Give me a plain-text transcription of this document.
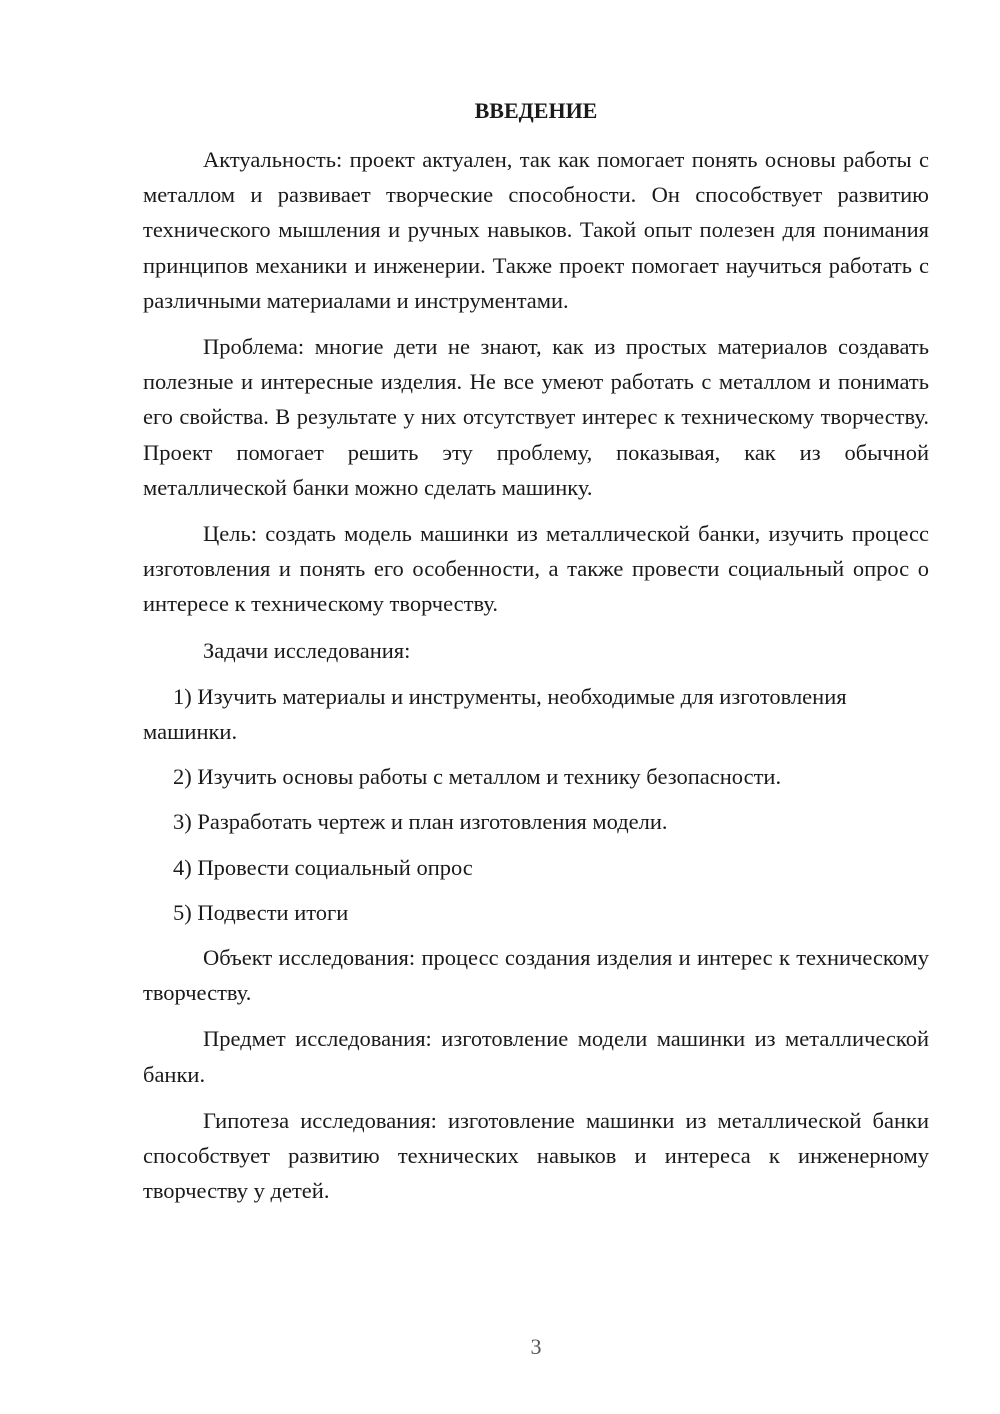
ВВЕДЕНИЕ

Актуальность: проект актуален, так как помогает понять основы работы с металлом и развивает творческие способности. Он способствует развитию технического мышления и ручных навыков. Такой опыт полезен для понимания принципов механики и инженерии. Также проект помогает научиться работать с различными материалами и инструментами.

Проблема: многие дети не знают, как из простых материалов создавать полезные и интересные изделия. Не все умеют работать с металлом и понимать его свойства. В результате у них отсутствует интерес к техническому творчеству. Проект помогает решить эту проблему, показывая, как из обычной металлической банки можно сделать машинку.

Цель: создать модель машинки из металлической банки, изучить процесс изготовления и понять его особенности, а также провести социальный опрос о интересе к техническому творчеству.

Задачи исследования:

1) Изучить материалы и инструменты, необходимые для изготовления машинки.

2) Изучить основы работы с металлом и технику безопасности.

3) Разработать чертеж и план изготовления модели.

4) Провести социальный опрос

5) Подвести итоги

Объект исследования: процесс создания изделия и интерес к техническому творчеству.

Предмет исследования: изготовление модели машинки из металлической банки.

Гипотеза исследования: изготовление машинки из металлической банки способствует развитию технических навыков и интереса к инженерному творчеству у детей.

3
